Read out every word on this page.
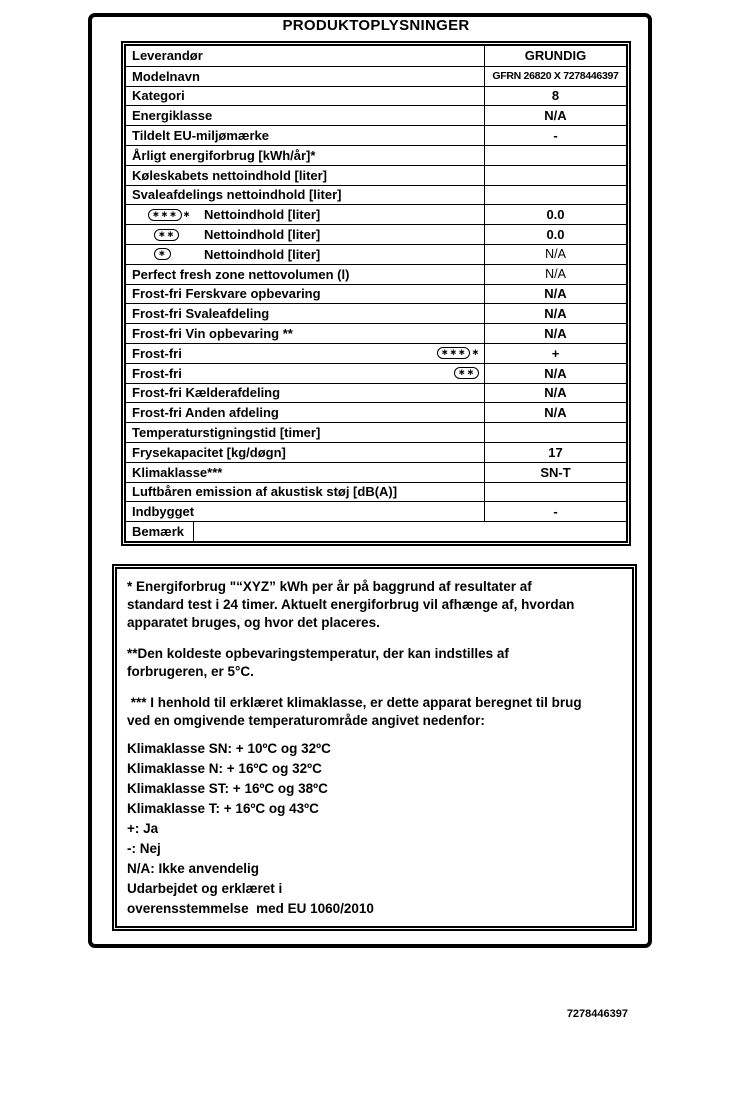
PRODUKTOPLYSNINGER
Leverandør	GRUNDIG
Modelnavn	GFRN 26820 X 7278446397
Kategori	8
Energiklasse	N/A
Tildelt EU-miljømærke	-
Årligt energiforbrug [kWh/år]*
Køleskabets nettoindhold [liter]
Svaleafdelings nettoindhold [liter]
∗∗∗ ∗ Nettoindhold [liter]	0.0
∗∗ Nettoindhold [liter]	0.0
∗	Nettoindhold [liter]	N/A
Perfect fresh zone nettovolumen (l)	N/A
Frost-fri Ferskvare opbevaring	N/A
Frost-fri Svaleafdeling	N/A
Frost-fri Vin opbevaring **	N/A
Frost-fri	∗∗∗ ∗	+
Frost-fri	∗∗	N/A
Frost-fri Kælderafdeling	N/A
Frost-fri Anden afdeling	N/A
Temperaturstigningstid [timer]
Frysekapacitet [kg/døgn]	17
Klimaklasse***	SN-T
Luftbåren emission af akustisk støj [dB(A)]
Indbygget	-
Bemærk
* Energiforbrug "“XYZ” kWh per år på baggrund af resultater af
standard test i 24 timer. Aktuelt energiforbrug vil afhænge af, hvordan
apparatet bruges, og hvor det placeres.
**Den koldeste opbevaringstemperatur, der kan indstilles af
forbrugeren, er 5°C.
*** I henhold til erklæret klimaklasse, er dette apparat beregnet til brug
ved en omgivende temperaturområde angivet nedenfor:
Klimaklasse SN: + 10ºC og 32ºC
Klimaklasse N: + 16ºC og 32ºC
Klimaklasse ST: + 16ºC og 38ºC
Klimaklasse T: + 16ºC og 43ºC
+: Ja
-: Nej
N/A: Ikke anvendelig
Udarbejdet og erklæret i
overensstemmelse  med EU 1060/2010
7278446397
